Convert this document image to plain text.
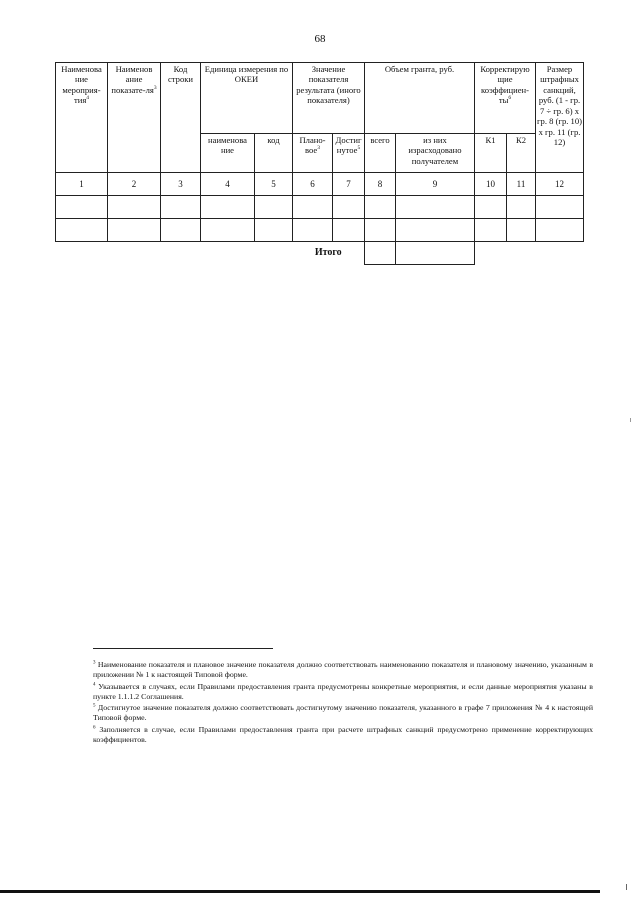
68
Наименова ние мероприя-тия$^4$	Наименов ание показате-$ля^3$	Код строки	Единица измерения по ОКЕИ		Значение показателя результата (иного показателя)		Объем гранта, руб.		Корректирую щие коэффициен-$ты^6$		Размер штрафных санкций, руб. (1 - гр. 7 ÷ гр. 6) х гр. 8 (гр. 10) х гр. 11 (гр. 12)
			наименова ние	код	Плано-вое$^3$	Достиг нутое$^5$	всего	из них израсходовано получателем	К1	К2	
1	2	3	4	5	6	7	8	9	10	11	12

					Итого						

$^3$ Наименование показателя и плановое значение показателя должно соответствовать наименованию показателя и плановому значению, указанным в приложении № 1 к настоящей Типовой форме.

$^4$ Указывается в случаях, если Правилами предоставления гранта предусмотрены конкретные мероприятия, и если данные мероприятия указаны в пункте 1.1.1.2 Соглашения.

$^5$ Достигнутое значение показателя должно соответствовать достигнутому значению показателя, указанного в графе 7 приложения № 4 к настоящей Типовой форме.

$^6$ Заполняется в случае, если Правилами предоставления гранта при расчете штрафных санкций предусмотрено применение корректирующих коэффициентов.
